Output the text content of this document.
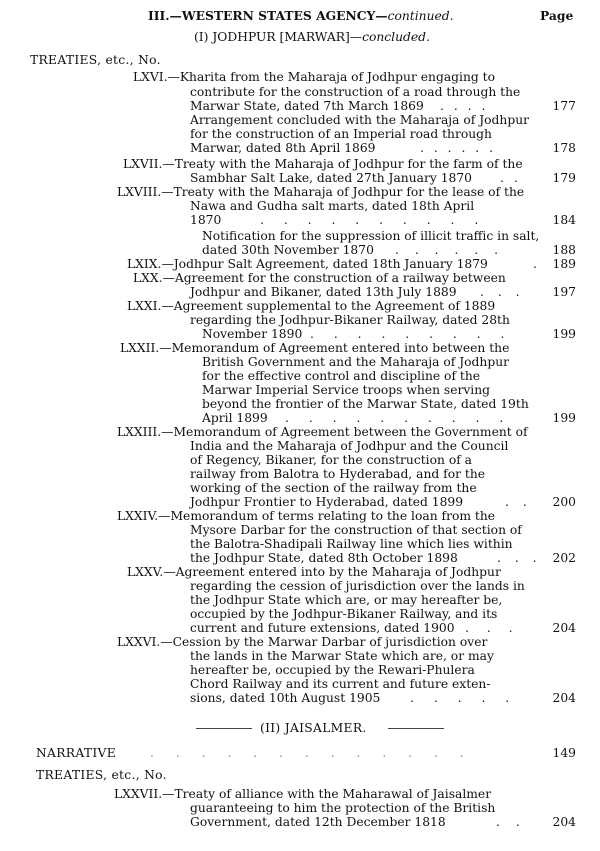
III.—WESTERN STATES AGENCY—continued.	Page
(I) JODHPUR [MARWAR]—concluded.
TREATIES, etc., No.
LXVI.—Kharita from the Maharaja of Jodhpur engaging to
contribute for the construction of a road through the
Marwar State, dated 7th March 1869 . . . .	177
Arrangement concluded with the Maharaja of Jodhpur
for the construction of an Imperial road through
Marwar, dated 8th April 1869	. . . . . .	178
LXVII.—Treaty with the Maharaja of Jodhpur for the farm of the
Sambhar Salt Lake, dated 27th January 1870 . .	179
LXVIII.—Treaty with the Maharaja of Jodhpur for the lease of the
Nawa and Gudha salt marts, dated 18th April
1870	. . . . . . . . . .	184
Notification for the suppression of illicit traffic in salt,
dated 30th November 1870 . . . . . .	188
LXIX.—Jodhpur Salt Agreement, dated 18th January 1879	.	189
LXX.—Agreement for the construction of a railway between
Jodhpur and Bikaner, dated 13th July 1889 . . .	197
LXXI.—Agreement supplemental to the Agreement of 1889
regarding the Jodhpur-Bikaner Railway, dated 28th
November 1890 . . . . . . . . .	199
LXXII.—Memorandum of Agreement entered into between the
British Government and the Maharaja of Jodhpur
for the effective control and discipline of the
Marwar Imperial Service troops when serving
beyond the frontier of the Marwar State, dated 19th
April 1899 . . . . . . . . . .	199
LXXIII.—Memorandum of Agreement between the Government of
India and the Maharaja of Jodhpur and the Council
of Regency, Bikaner, for the construction of a
railway from Balotra to Hyderabad, and for the
working of the section of the railway from the
Jodhpur Frontier to Hyderabad, dated 1899	. .	200
LXXIV.—Memorandum of terms relating to the loan from the
Mysore Darbar for the construction of that section of
the Balotra-Shadipali Railway line which lies within
the Jodhpur State, dated 8th October 1898	. . . 202
LXXV.—Agreement entered into by the Maharaja of Jodhpur
regarding the cession of jurisdiction over the lands in
the Jodhpur State which are, or may hereafter be,
occupied by the Jodhpur-Bikaner Railway, and its
current and future extensions, dated 1900 . . .	204
LXXVI.—Cession by the Marwar Darbar of jurisdiction over
the lands in the Marwar State which are, or may
hereafter be, occupied by the Rewari-Phulera
Chord Railway and its current and future exten-
sions, dated 10th August 1905 . . . . .	204
(II) JAISALMER.
NARRATIVE	. . . . . . . . . . . . .	149
TREATIES, etc., No.
LXXVII.—Treaty of alliance with the Maharawal of Jaisalmer
guaranteeing to him the protection of the British
Government, dated 12th December 1818	. .	204
